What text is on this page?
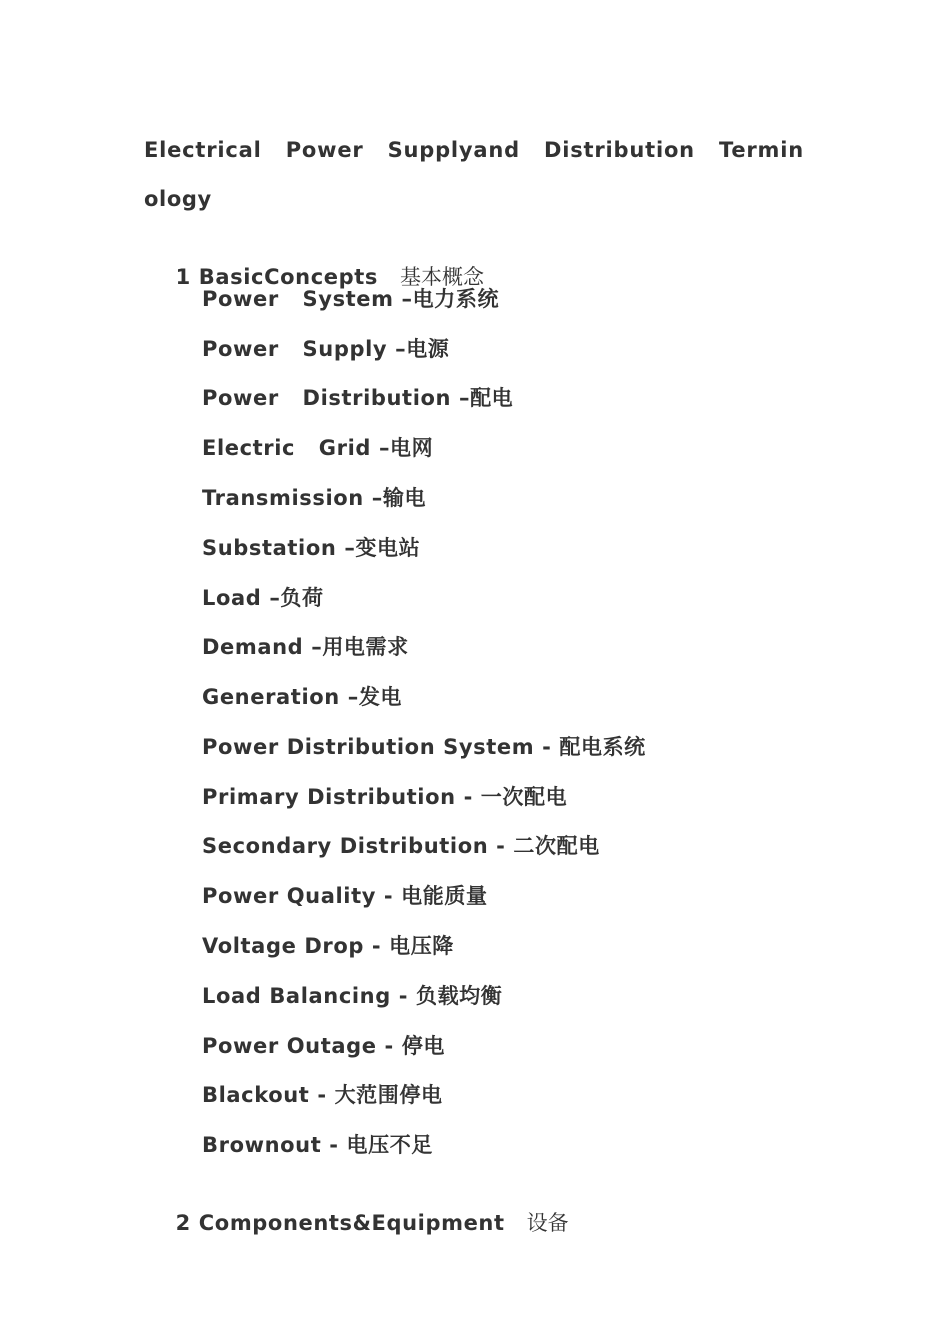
Electrical Power Supplyand Distribution Termin
ology

1 BasicConcepts 基本概念

Power   System –电力系统
Power   Supply –电源
Power   Distribution –配电
Electric   Grid –电网
Transmission –输电
Substation –变电站
Load –负荷
Demand –用电需求
Generation –发电
Power Distribution System - 配电系统
Primary Distribution - 一次配电
Secondary Distribution - 二次配电
Power Quality - 电能质量
Voltage Drop - 电压降
Load Balancing - 负载均衡
Power Outage - 停电
Blackout - 大范围停电
Brownout - 电压不足

2 Components&Equipment 设备
